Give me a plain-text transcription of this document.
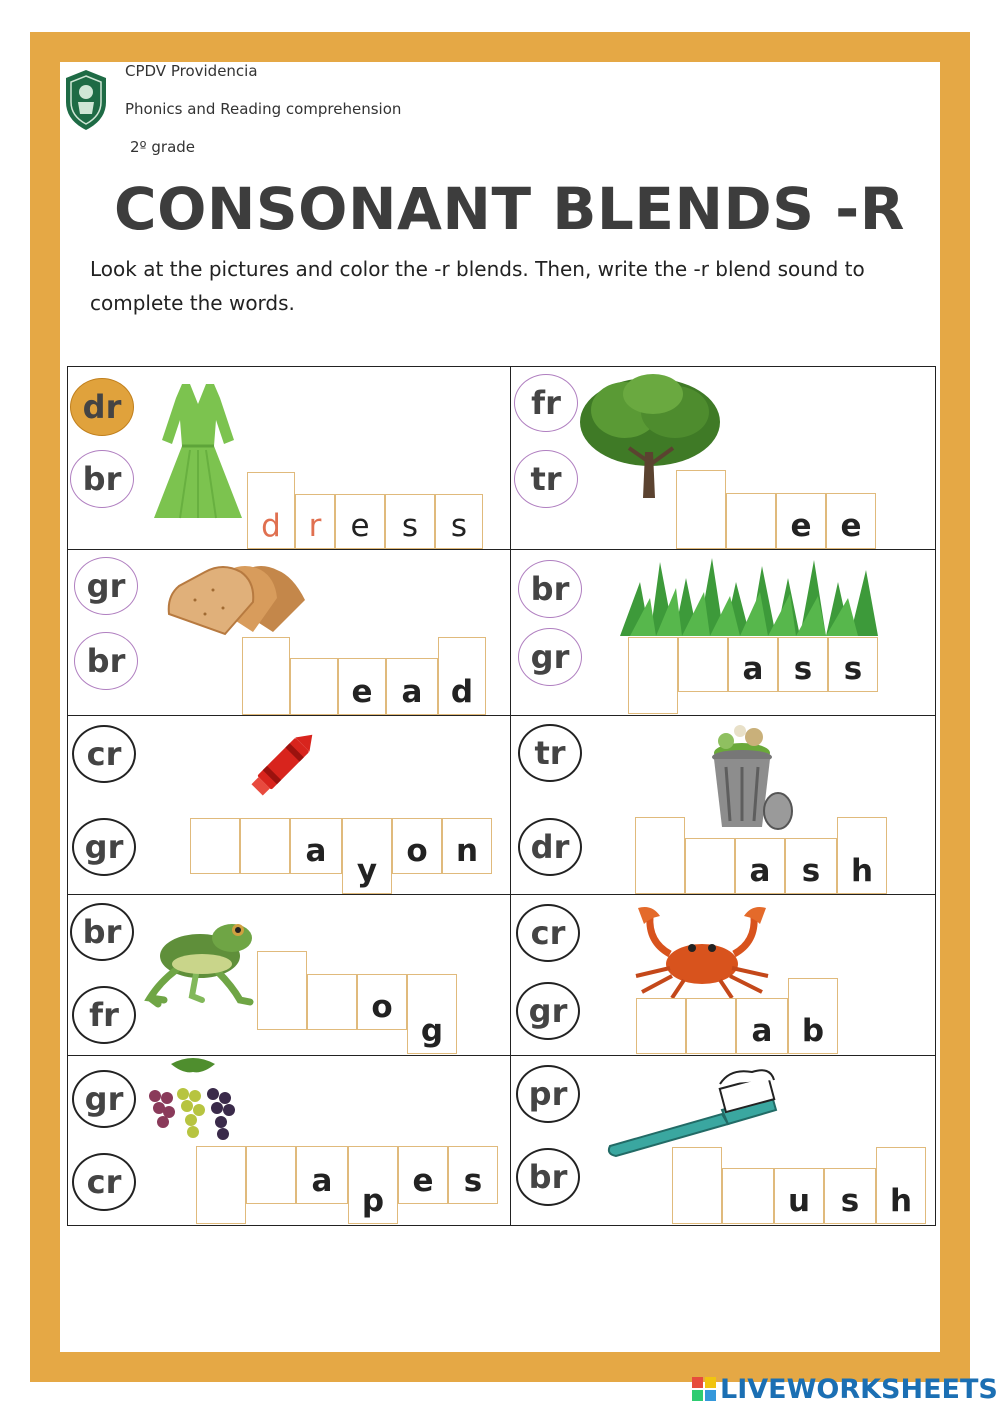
CPDV Providencia
Phonics and Reading comprehension
2º grade
CONSONANT BLENDS -R

Look at the pictures and color the -r blends. Then, write the -r blend sound to complete the words.

dr
br
d r e	s	s
fr
tr
e e
gr
br
e a d
br
gr	a s	s
cr
gr	a
y
o n
tr
dr
a	s h
br
fr	o
g
cr
gr
a b
gr
cr	a
p
e s
pr
br
u s h
LIVEWORKSHEETS
